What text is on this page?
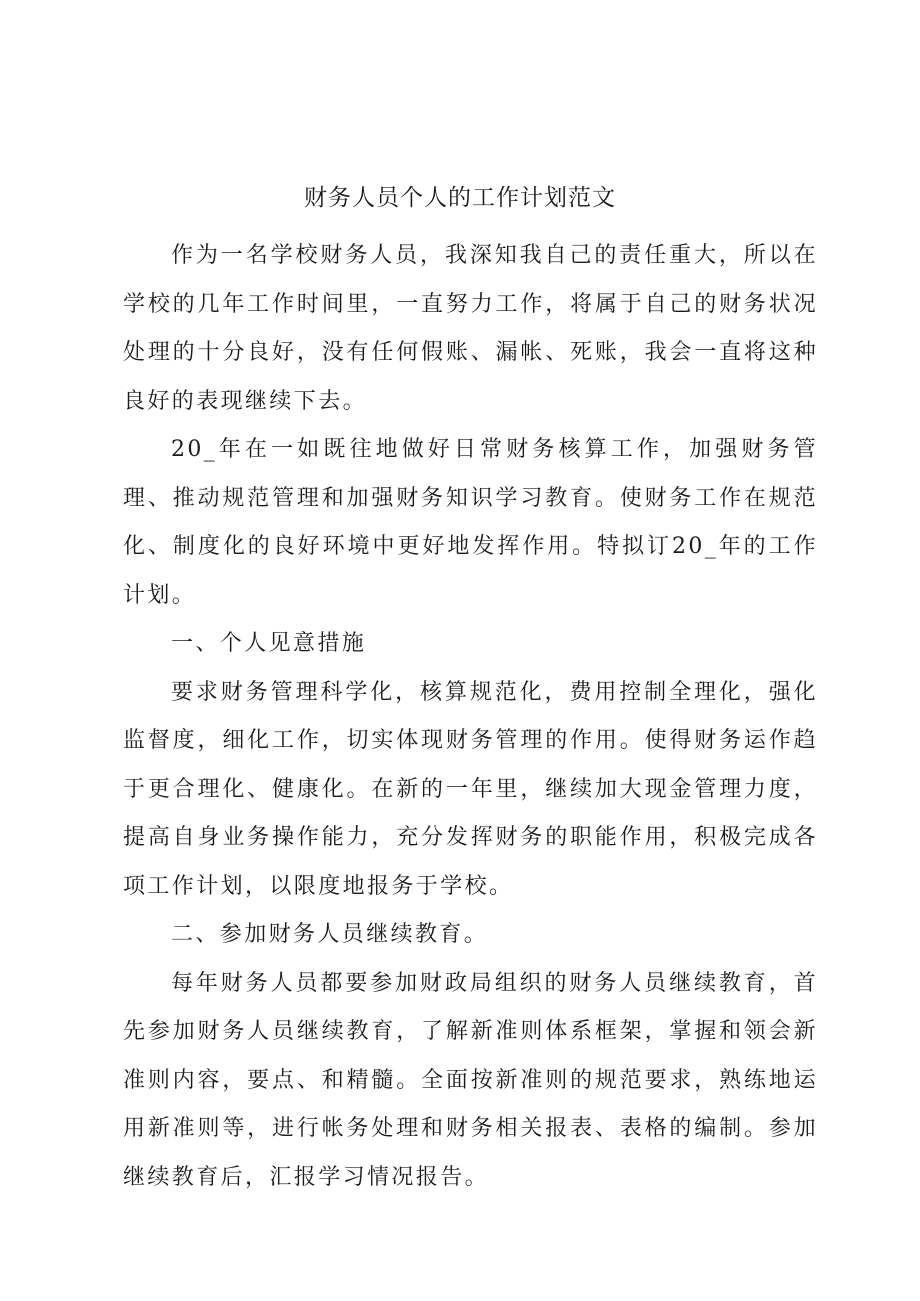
财务人员个人的工作计划范文

作为一名学校财务人员，我深知我自己的责任重大，所以在学校的几年工作时间里，一直努力工作，将属于自己的财务状况处理的十分良好，没有任何假账、漏帐、死账，我会一直将这种良好的表现继续下去。

20_年在一如既往地做好日常财务核算工作，加强财务管理、推动规范管理和加强财务知识学习教育。使财务工作在规范化、制度化的良好环境中更好地发挥作用。特拟订20_年的工作计划。

一、个人见意措施

要求财务管理科学化，核算规范化，费用控制全理化，强化监督度，细化工作，切实体现财务管理的作用。使得财务运作趋于更合理化、健康化。在新的一年里，继续加大现金管理力度，提高自身业务操作能力，充分发挥财务的职能作用，积极完成各项工作计划，以限度地报务于学校。

二、参加财务人员继续教育。

每年财务人员都要参加财政局组织的财务人员继续教育，首先参加财务人员继续教育，了解新准则体系框架，掌握和领会新准则内容，要点、和精髓。全面按新准则的规范要求，熟练地运用新准则等，进行帐务处理和财务相关报表、表格的编制。参加继续教育后，汇报学习情况报告。
